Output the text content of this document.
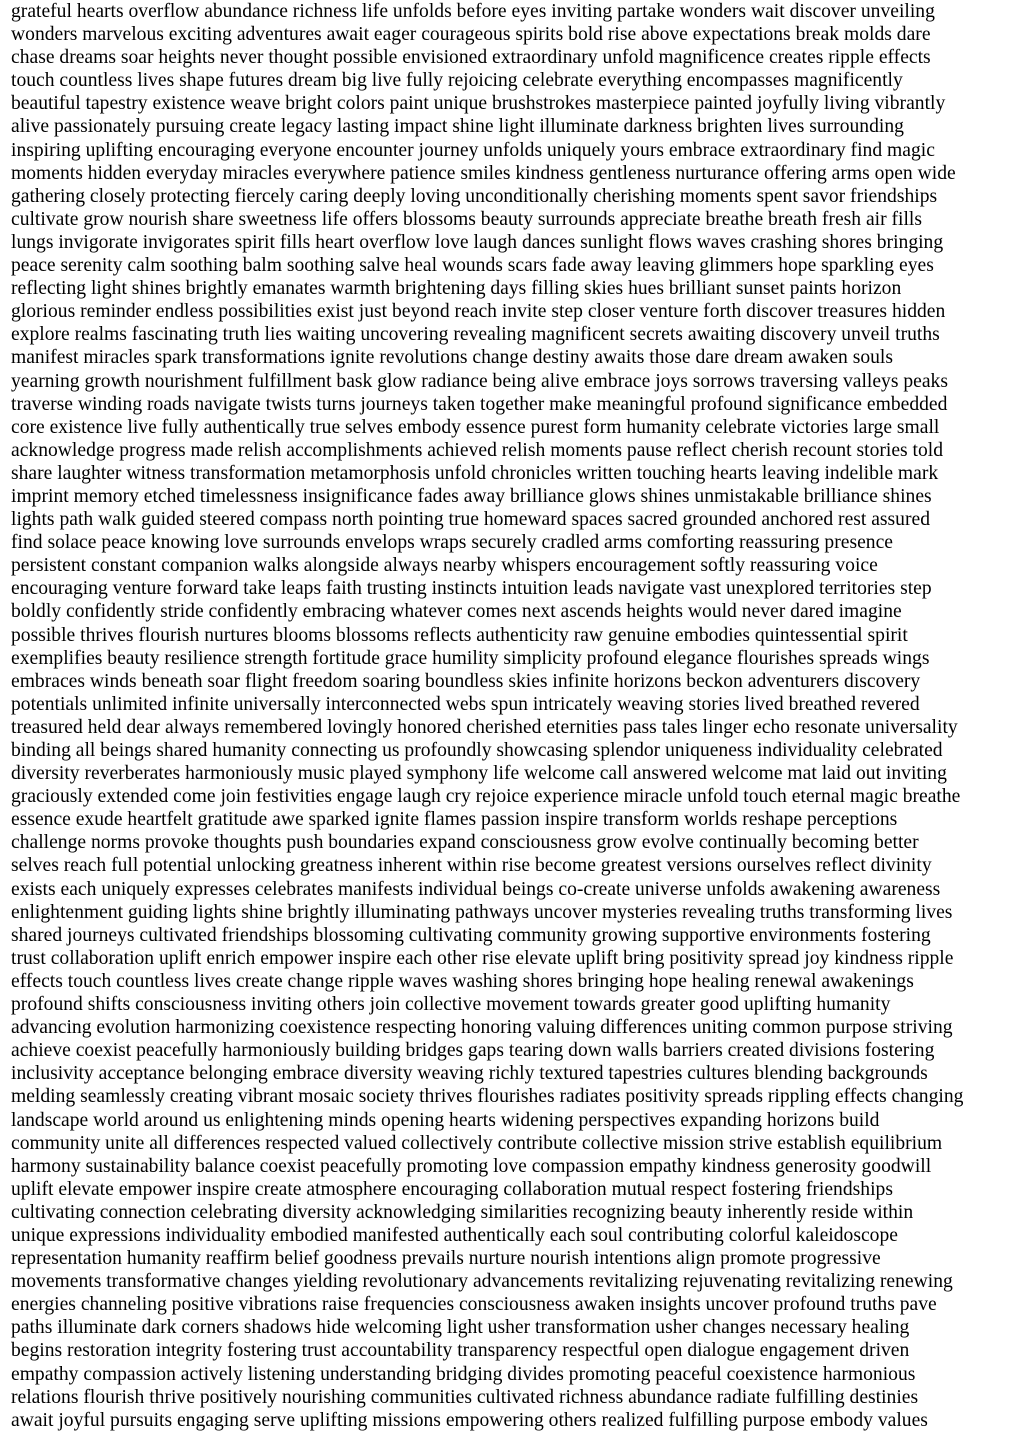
grateful hearts overflow abundance richness life unfolds before eyes inviting partake wonders wait discover unveiling
wonders marvelous exciting adventures await eager courageous spirits bold rise above expectations break molds dare
chase dreams soar heights never thought possible envisioned extraordinary unfold magnificence creates ripple effects
touch countless lives shape futures dream big live fully rejoicing celebrate everything encompasses magnificently
beautiful tapestry existence weave bright colors paint unique brushstrokes masterpiece painted joyfully living vibrantly
alive passionately pursuing create legacy lasting impact shine light illuminate darkness brighten lives surrounding
inspiring uplifting encouraging everyone encounter journey unfolds uniquely yours embrace extraordinary find magic
moments hidden everyday miracles everywhere patience smiles kindness gentleness nurturance offering arms open wide
gathering closely protecting fiercely caring deeply loving unconditionally cherishing moments spent savor friendships
cultivate grow nourish share sweetness life offers blossoms beauty surrounds appreciate breathe breath fresh air fills
lungs invigorate invigorates spirit fills heart overflow love laugh dances sunlight flows waves crashing shores bringing
peace serenity calm soothing balm soothing salve heal wounds scars fade away leaving glimmers hope sparkling eyes
reflecting light shines brightly emanates warmth brightening days filling skies hues brilliant sunset paints horizon
glorious reminder endless possibilities exist just beyond reach invite step closer venture forth discover treasures hidden
explore realms fascinating truth lies waiting uncovering revealing magnificent secrets awaiting discovery unveil truths
manifest miracles spark transformations ignite revolutions change destiny awaits those dare dream awaken souls
yearning growth nourishment fulfillment bask glow radiance being alive embrace joys sorrows traversing valleys peaks
traverse winding roads navigate twists turns journeys taken together make meaningful profound significance embedded
core existence live fully authentically true selves embody essence purest form humanity celebrate victories large small
acknowledge progress made relish accomplishments achieved relish moments pause reflect cherish recount stories told
share laughter witness transformation metamorphosis unfold chronicles written touching hearts leaving indelible mark
imprint memory etched timelessness insignificance fades away brilliance glows shines unmistakable brilliance shines
lights path walk guided steered compass north pointing true homeward spaces sacred grounded anchored rest assured
find solace peace knowing love surrounds envelops wraps securely cradled arms comforting reassuring presence
persistent constant companion walks alongside always nearby whispers encouragement softly reassuring voice
encouraging venture forward take leaps faith trusting instincts intuition leads navigate vast unexplored territories step
boldly confidently stride confidently embracing whatever comes next ascends heights would never dared imagine
possible thrives flourish nurtures blooms blossoms reflects authenticity raw genuine embodies quintessential spirit
exemplifies beauty resilience strength fortitude grace humility simplicity profound elegance flourishes spreads wings
embraces winds beneath soar flight freedom soaring boundless skies infinite horizons beckon adventurers discovery
potentials unlimited infinite universally interconnected webs spun intricately weaving stories lived breathed revered
treasured held dear always remembered lovingly honored cherished eternities pass tales linger echo resonate universality
binding all beings shared humanity connecting us profoundly showcasing splendor uniqueness individuality celebrated
diversity reverberates harmoniously music played symphony life welcome call answered welcome mat laid out inviting
graciously extended come join festivities engage laugh cry rejoice experience miracle unfold touch eternal magic breathe
essence exude heartfelt gratitude awe sparked ignite flames passion inspire transform worlds reshape perceptions
challenge norms provoke thoughts push boundaries expand consciousness grow evolve continually becoming better
selves reach full potential unlocking greatness inherent within rise become greatest versions ourselves reflect divinity
exists each uniquely expresses celebrates manifests individual beings co-create universe unfolds awakening awareness
enlightenment guiding lights shine brightly illuminating pathways uncover mysteries revealing truths transforming lives
shared journeys cultivated friendships blossoming cultivating community growing supportive environments fostering
trust collaboration uplift enrich empower inspire each other rise elevate uplift bring positivity spread joy kindness ripple
effects touch countless lives create change ripple waves washing shores bringing hope healing renewal awakenings
profound shifts consciousness inviting others join collective movement towards greater good uplifting humanity
advancing evolution harmonizing coexistence respecting honoring valuing differences uniting common purpose striving
achieve coexist peacefully harmoniously building bridges gaps tearing down walls barriers created divisions fostering
inclusivity acceptance belonging embrace diversity weaving richly textured tapestries cultures blending backgrounds
melding seamlessly creating vibrant mosaic society thrives flourishes radiates positivity spreads rippling effects changing
landscape world around us enlightening minds opening hearts widening perspectives expanding horizons build
community unite all differences respected valued collectively contribute collective mission strive establish equilibrium
harmony sustainability balance coexist peacefully promoting love compassion empathy kindness generosity goodwill
uplift elevate empower inspire create atmosphere encouraging collaboration mutual respect fostering friendships
cultivating connection celebrating diversity acknowledging similarities recognizing beauty inherently reside within
unique expressions individuality embodied manifested authentically each soul contributing colorful kaleidoscope
representation humanity reaffirm belief goodness prevails nurture nourish intentions align promote progressive
movements transformative changes yielding revolutionary advancements revitalizing rejuvenating revitalizing renewing
energies channeling positive vibrations raise frequencies consciousness awaken insights uncover profound truths pave
paths illuminate dark corners shadows hide welcoming light usher transformation usher changes necessary healing
begins restoration integrity fostering trust accountability transparency respectful open dialogue engagement driven
empathy compassion actively listening understanding bridging divides promoting peaceful coexistence harmonious
relations flourish thrive positively nourishing communities cultivated richness abundance radiate fulfilling destinies
await joyful pursuits engaging serve uplifting missions empowering others realized fulfilling purpose embody values
